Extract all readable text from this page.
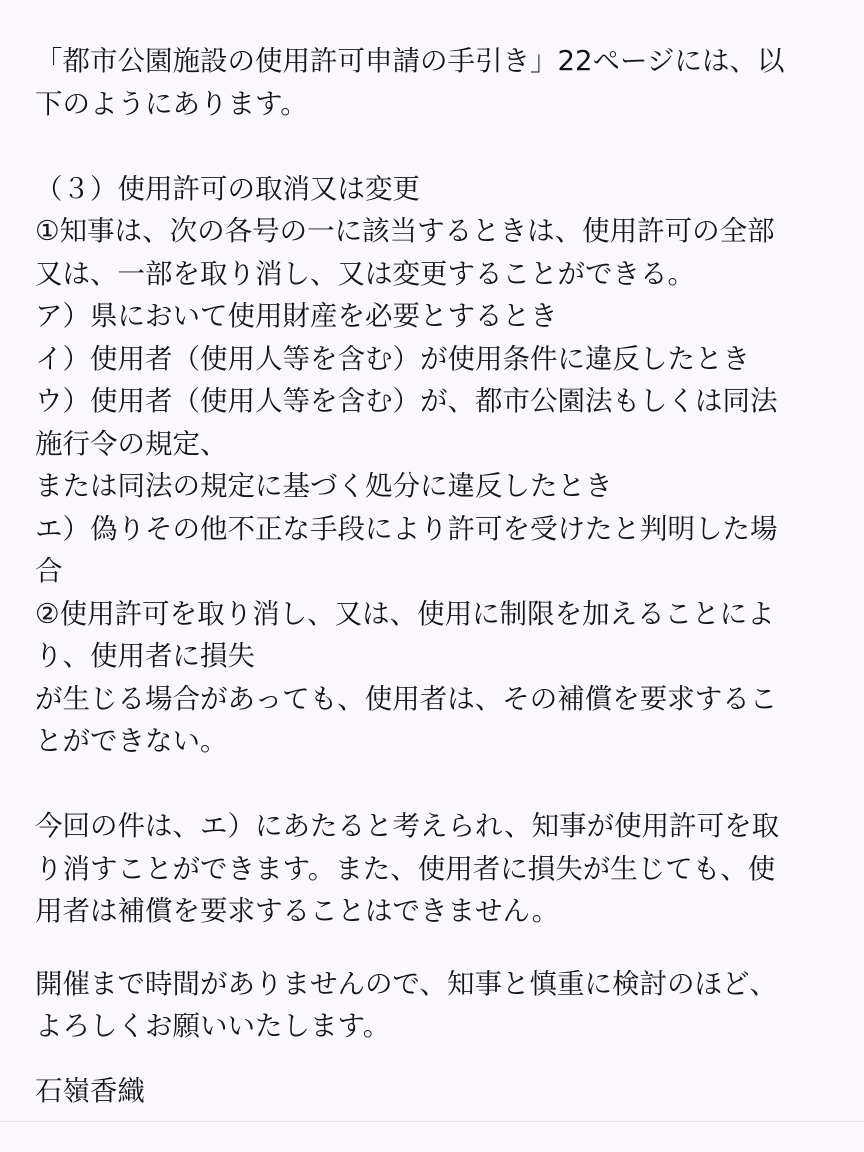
「都市公園施設の使用許可申請の手引き」22ページには、以
下のようにあります。
（３）使用許可の取消又は変更
①知事は、次の各号の一に該当するときは、使用許可の全部
又は、一部を取り消し、又は変更することができる。
ア）県において使用財産を必要とするとき
イ）使用者（使用人等を含む）が使用条件に違反したとき
ウ）使用者（使用人等を含む）が、都市公園法もしくは同法
施行令の規定、
または同法の規定に基づく処分に違反したとき
エ）偽りその他不正な手段により許可を受けたと判明した場
合
②使用許可を取り消し、又は、使用に制限を加えることによ
り、使用者に損失
が生じる場合があっても、使用者は、その補償を要求するこ
とができない。
今回の件は、エ）にあたると考えられ、知事が使用許可を取
り消すことができます。また、使用者に損失が生じても、使
用者は補償を要求することはできません。
開催まで時間がありませんので、知事と慎重に検討のほど、
よろしくお願いいたします。
石嶺香織
